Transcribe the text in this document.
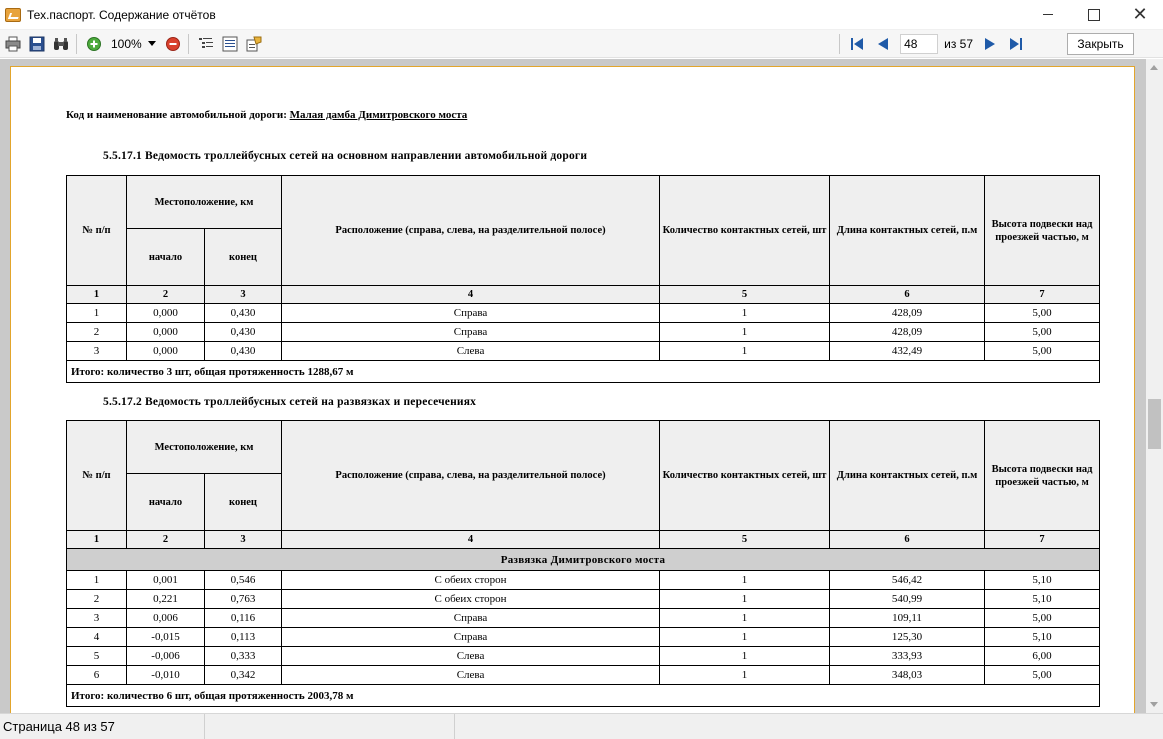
Тех.паспорт. Содержание отчётов	✕
100%
48	из 57	Закрыть
Код и наименование автомобильной дороги: Малая дамба Димитровского моста
5.5.17.1 Ведомость троллейбусных сетей на основном направлении автомобильной дороги
№ п/п	Местоположение, км		Расположение (справа, слева, на разделительной полосе)	Количество контактных сетей, шт	Длина контактных сетей, п.м	Высота подвески над проезжей частью, м
	начало	конец				
1	2	3	4	5	6	7
1	0,000	0,430	Справа	1	428,09	5,00
2	0,000	0,430	Справа	1	428,09	5,00
3	0,000	0,430	Слева	1	432,49	5,00
Итого: количество 3 шт, общая протяженность 1288,67 м						
5.5.17.2 Ведомость троллейбусных сетей на развязках и пересечениях
№ п/п	Местоположение, км		Расположение (справа, слева, на разделительной полосе)	Количество контактных сетей, шт	Длина контактных сетей, п.м	Высота подвески над проезжей частью, м
	начало	конец				
1	2	3	4	5	6	7
Развязка Димитровского моста						
1	0,001	0,546	С обеих сторон	1	546,42	5,10
2	0,221	0,763	С обеих сторон	1	540,99	5,10
3	0,006	0,116	Справа	1	109,11	5,00
4	-0,015	0,113	Справа	1	125,30	5,10
5	-0,006	0,333	Слева	1	333,93	6,00
6	-0,010	0,342	Слева	1	348,03	5,00
Итого: количество 6 шт, общая протяженность 2003,78 м						
Страница 48 из 57
